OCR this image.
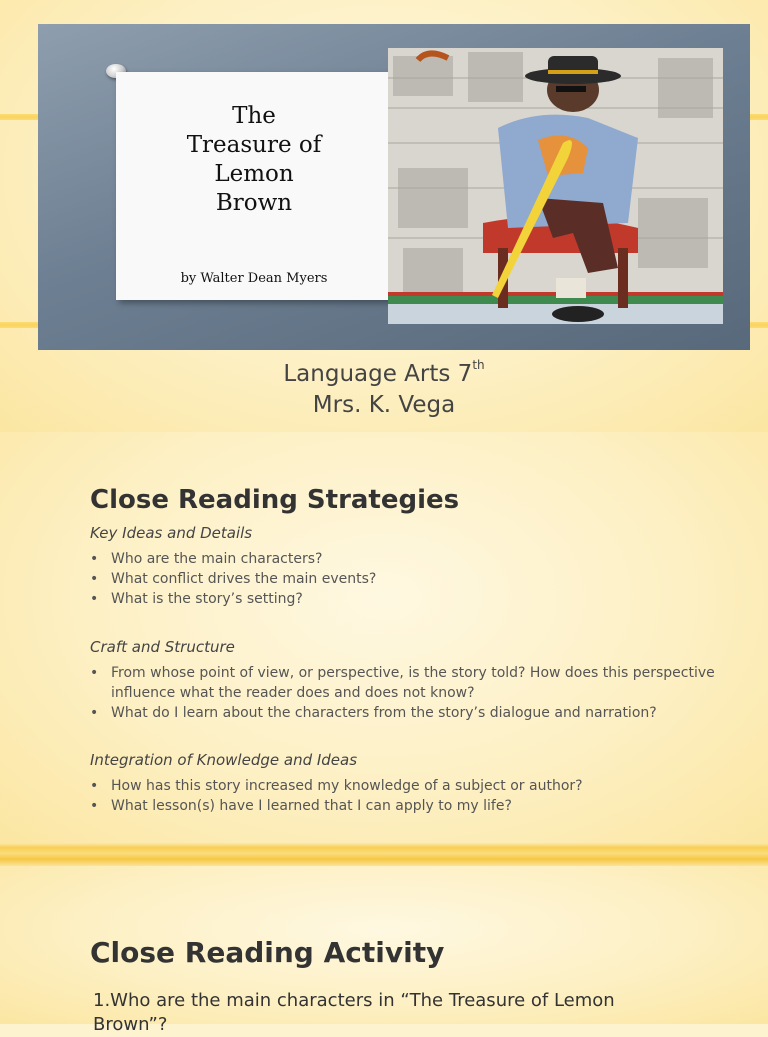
The
Treasure of
Lemon
Brown
by Walter Dean Myers
Language Arts 7th
Mrs. K. Vega
Close Reading Strategies

Key Ideas and Details

• Who are the main characters?
• What conflict drives the main events?
• What is the story’s setting?

Craft and Structure

• From whose point of view, or perspective, is the story told? How does this perspective influence what the reader does and does not know?
• What do I learn about the characters from the story’s dialogue and narration?

Integration of Knowledge and Ideas

• How has this story increased my knowledge of a subject or author?
• What lesson(s) have I learned that I can apply to my life?
Close Reading Activity

1.Who are the main characters in “The Treasure of Lemon Brown”?
